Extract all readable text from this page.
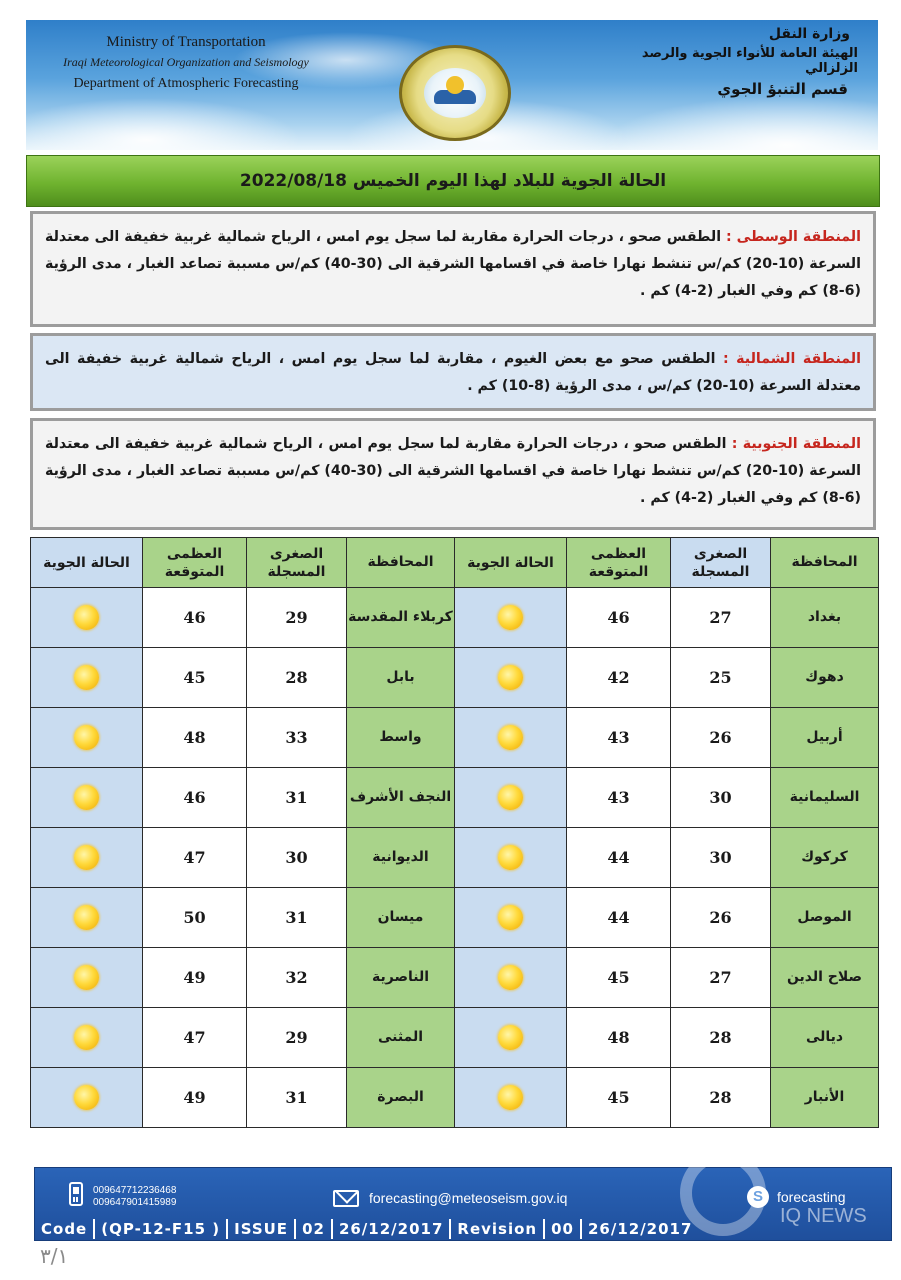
Ministry of Transportation
Iraqi Meteorological Organization and Seismology
Department of Atmospheric Forecasting
وزارة النقل
الهيئة العامة للأنواء الجوية والرصد الزلزالي
قسم التنبؤ الجوي
الحالة الجوية للبلاد لهذا اليوم الخميس 2022/08/18
المنطقة الوسطى : الطقس صحو ، درجات الحرارة مقاربة لما سجل يوم امس ، الرياح شمالية غربية خفيفة الى معتدلة السرعة (10-20) كم/س تنشط نهارا خاصة في اقسامها الشرقية الى (30-40) كم/س مسببة تصاعد الغبار ، مدى الرؤية (6-8) كم وفي الغبار (2-4) كم .
المنطقة الشمالية : الطقس صحو مع بعض الغيوم ، مقاربة لما سجل يوم امس ، الرياح شمالية غربية خفيفة الى معتدلة السرعة (10-20) كم/س ، مدى الرؤية (8-10) كم .
المنطقة الجنوبية : الطقس صحو ، درجات الحرارة مقاربة لما سجل يوم امس ، الرياح شمالية غربية خفيفة الى معتدلة السرعة (10-20) كم/س تنشط نهارا خاصة في اقسامها الشرقية الى (30-40) كم/س مسببة تصاعد الغبار ، مدى الرؤية (6-8) كم وفي الغبار (2-4) كم .
المحافظة	الصغرى المسجلة	العظمى المتوقعة	الحالة الجوية	المحافظة	الصغرى المسجلة	العظمى المتوقعة	الحالة الجوية
بغداد	27	46		كربلاء المقدسة	29	46	
دهوك	25	42		بابل	28	45	
أربيل	26	43		واسط	33	48	
السليمانية	30	43		النجف الأشرف	31	46	
كركوك	30	44		الديوانية	30	47	
الموصل	26	44		ميسان	31	50	
صلاح الدين	27	45		الناصرية	32	49	
ديالى	28	48		المثنى	29	47	
الأنبار	28	45		البصرة	31	49	
009647712236468
009647901415989	forecasting@meteoseism.gov.iq	S	forecasting
Code (QP-12-F15 ) ISSUE 02 26/12/2017 Revision 00 26/12/2017
IQ NEWS
٣/١
